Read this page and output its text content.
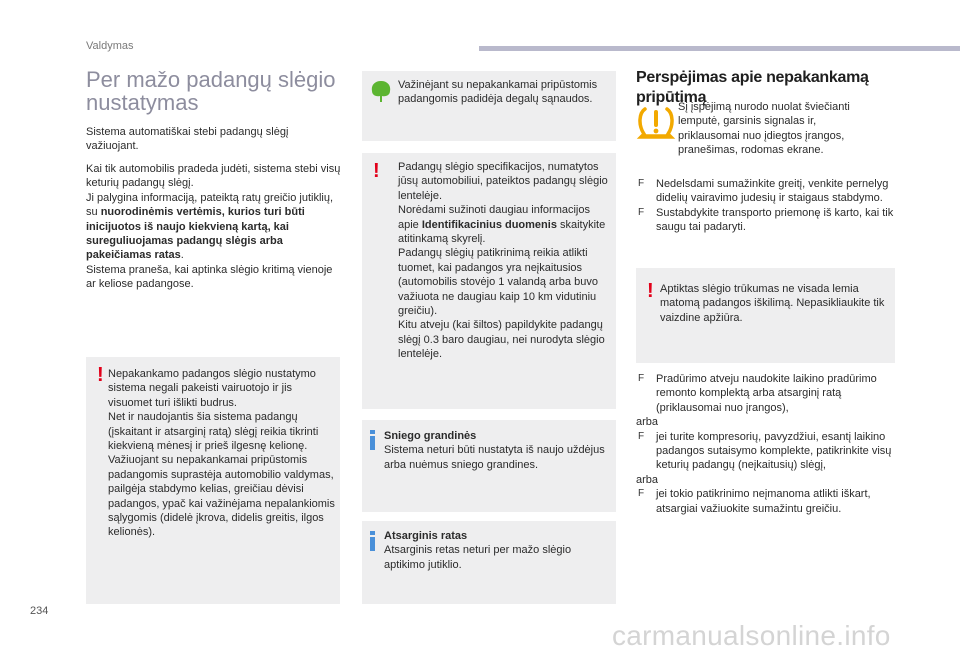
Valdymas
Per mažo padangų slėgio nustatymas

Sistema automatiškai stebi padangų slėgį važiuojant.

Kai tik automobilis pradeda judėti, sistema stebi visų keturių padangų slėgį.

Ji palygina informaciją, pateiktą ratų greičio jutiklių, su nuorodinėmis vertėmis, kurios turi būti inicijuotos iš naujo kiekvieną kartą, kai sureguliuojamas padangų slėgis arba pakeičiamas ratas.

Sistema praneša, kai aptinka slėgio kritimą vienoje ar keliose padangose.

! Nepakankamo padangos slėgio nustatymo sistema negali pakeisti vairuotojo ir jis visuomet turi išlikti budrus.

Net ir naudojantis šia sistema padangų (įskaitant ir atsarginį ratą) slėgį reikia tikrinti kiekvieną mėnesį ir prieš ilgesnę kelionę.

Važiuojant su nepakankamai pripūstomis padangomis suprastėja automobilio valdymas, pailgėja stabdymo kelias, greičiau dėvisi padangos, ypač kai važinėjama nepalankiomis sąlygomis (didelė įkrova, didelis greitis, ilgos kelionės).

Važinėjant su nepakankamai pripūstomis padangomis padidėja degalų sąnaudos.

! Padangų slėgio specifikacijos, numatytos jūsų automobiliui, pateiktos padangų slėgio lentelėje.

Norėdami sužinoti daugiau informacijos apie Identifikacinius duomenis skaitykite atitinkamą skyrelį.

Padangų slėgių patikrinimą reikia atlikti tuomet, kai padangos yra neįkaitusios (automobilis stovėjo 1 valandą arba buvo važiuota ne daugiau kaip 10 km vidutiniu greičiu).

Kitu atveju (kai šiltos) papildykite padangų slėgį 0.3 baro daugiau, nei nurodyta slėgio lentelėje.

Sniego grandinės

Sistema neturi būti nustatyta iš naujo uždėjus arba nuėmus sniego grandines.

Atsarginis ratas

Atsarginis retas neturi per mažo slėgio aptikimo jutiklio.

Perspėjimas apie nepakankamą pripūtimą

Šį įspėjimą nurodo nuolat šviečianti lemputė, garsinis signalas ir, priklausomai nuo įdiegtos įrangos, pranešimas, rodomas ekrane.

F Nedelsdami sumažinkite greitį, venkite pernelyg didelių vairavimo judesių ir staigaus stabdymo.

F Sustabdykite transporto priemonę iš karto, kai tik saugu tai padaryti.

! Aptiktas slėgio trūkumas ne visada lemia matomą padangos iškilimą. Nepasikliaukite tik vaizdine apžiūra.

F Pradūrimo atveju naudokite laikino pradūrimo remonto komplektą arba atsarginį ratą (priklausomai nuo įrangos),

arba

F jei turite kompresorių, pavyzdžiui, esantį laikino padangos sutaisymo komplekte, patikrinkite visų keturių padangų (neįkaitusių) slėgį,

arba

F jei tokio patikrinimo neįmanoma atlikti iškart, atsargiai važiuokite sumažintu greičiu.

234
carmanualsonline.info
